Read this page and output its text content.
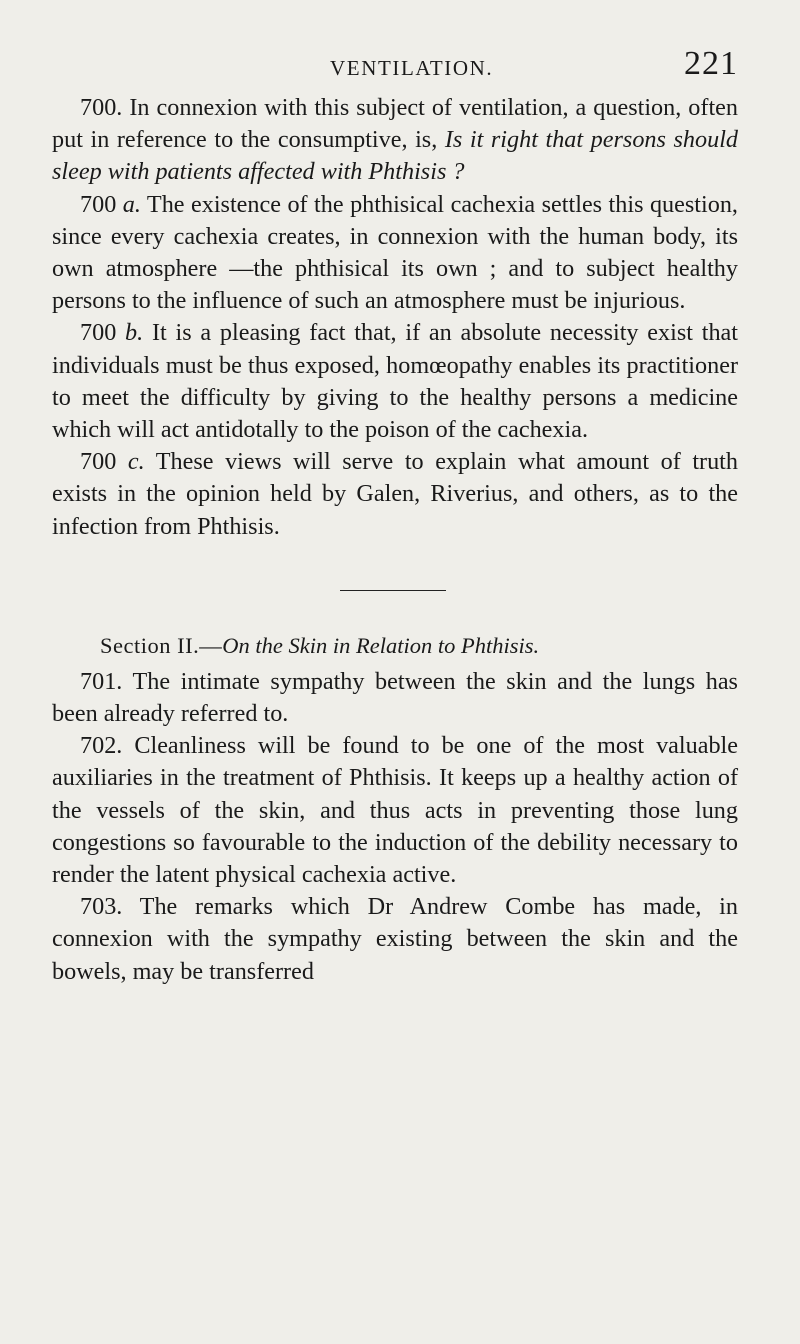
VENTILATION.	221

700. In connexion with this subject of ventilation, a question, often put in reference to the consumptive, is, Is it right that persons should sleep with patients affected with Phthisis ?

700 a. The existence of the phthisical cachexia settles this question, since every cachexia creates, in connexion with the human body, its own atmosphere —the phthisical its own ; and to subject healthy persons to the influence of such an atmosphere must be injurious.

700 b. It is a pleasing fact that, if an absolute necessity exist that individuals must be thus exposed, homœopathy enables its practitioner to meet the difficulty by giving to the healthy persons a medicine which will act antidotally to the poison of the cachexia.

700 c. These views will serve to explain what amount of truth exists in the opinion held by Galen, Riverius, and others, as to the infection from Phthisis.

Section II.—On the Skin in Relation to Phthisis.

701. The intimate sympathy between the skin and the lungs has been already referred to.

702. Cleanliness will be found to be one of the most valuable auxiliaries in the treatment of Phthisis. It keeps up a healthy action of the vessels of the skin, and thus acts in preventing those lung congestions so favourable to the induction of the debility necessary to render the latent physical cachexia active.

703. The remarks which Dr Andrew Combe has made, in connexion with the sympathy existing between the skin and the bowels, may be transferred
